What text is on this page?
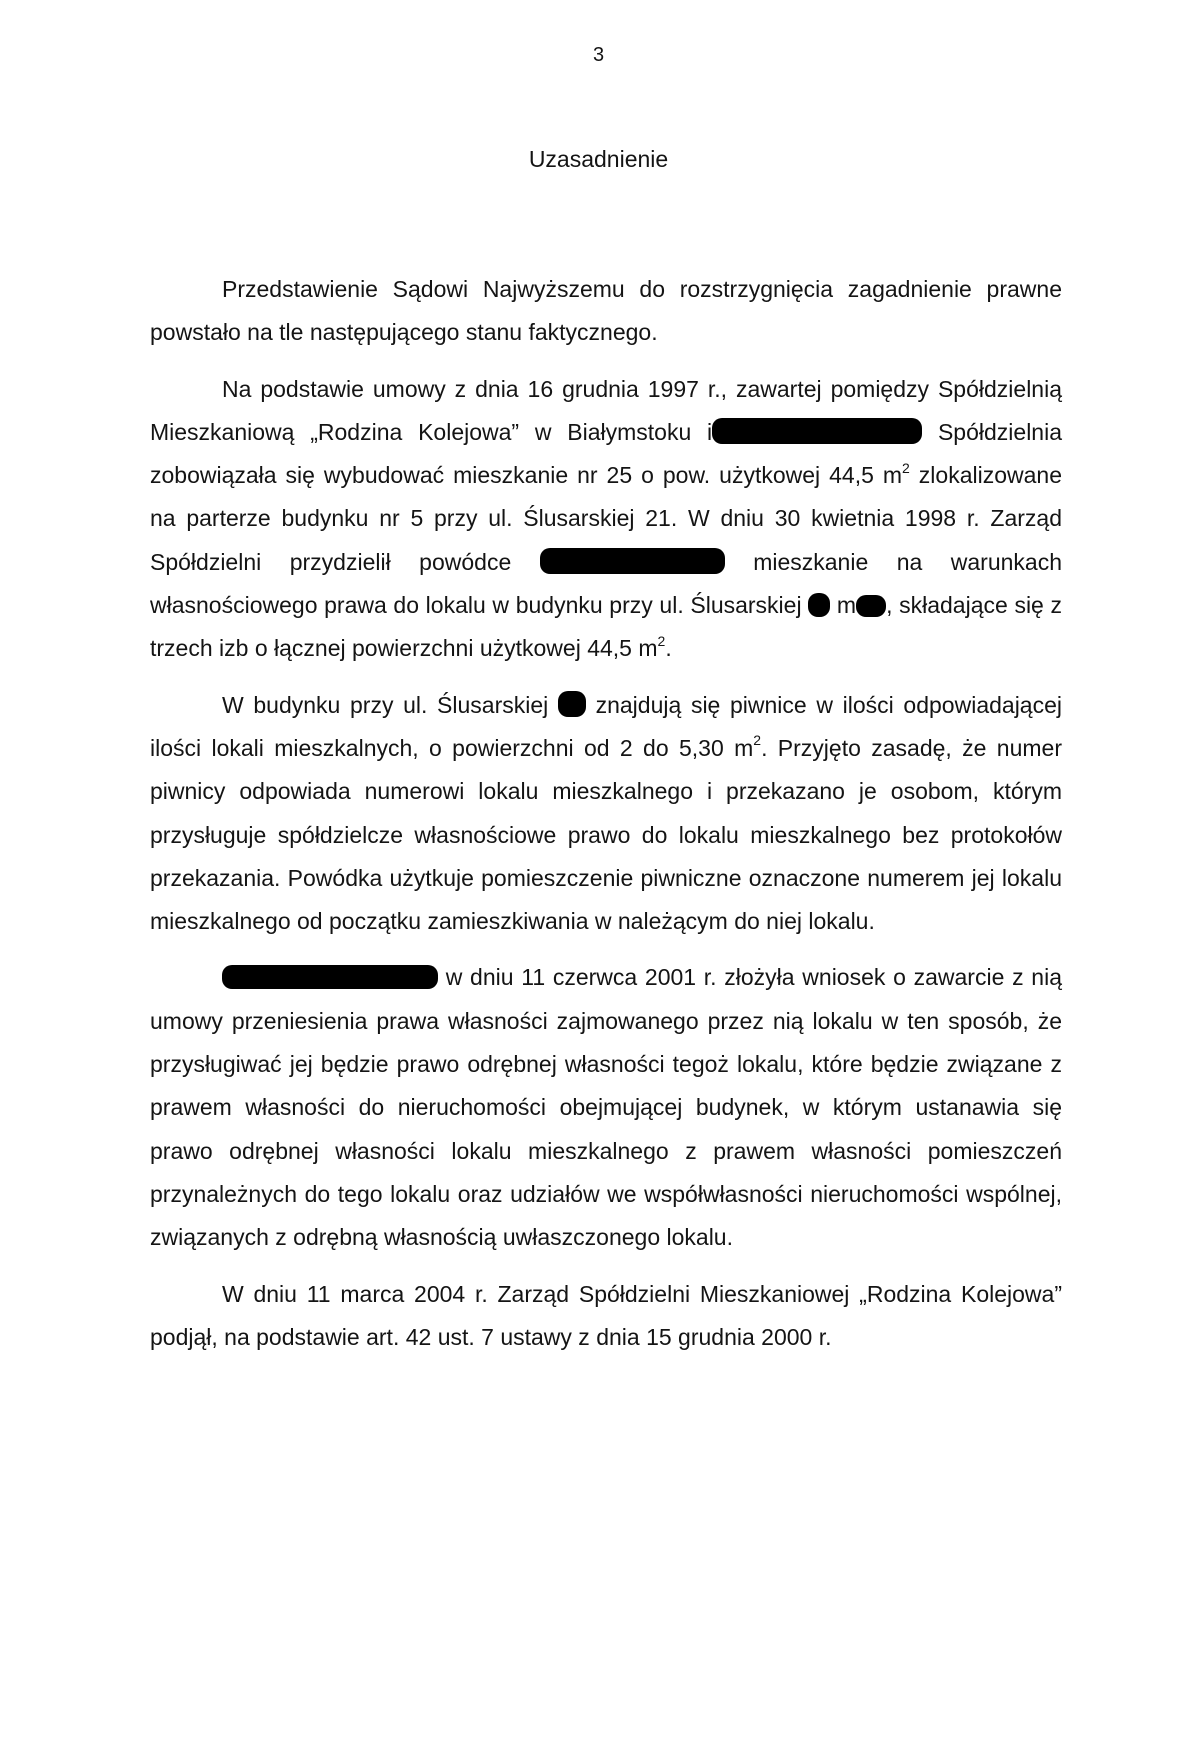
3
Uzasadnienie

Przedstawienie Sądowi Najwyższemu do rozstrzygnięcia zagadnienie prawne powstało na tle następującego stanu faktycznego.

Na podstawie umowy z dnia 16 grudnia 1997 r., zawartej pomiędzy Spółdzielnią Mieszkaniową „Rodzina Kolejowa” w Białymstoku i	Spółdzielnia zobowiązała się wybudować mieszkanie nr 25 o pow. użytkowej 44,5 $m^2$ zlokalizowane na parterze budynku nr 5 przy ul. Ślusarskiej 21. W dniu 30 kwietnia 1998 r. Zarząd Spółdzielni przydzielił powódce	mieszkanie na warunkach własnościowego prawa do lokalu w budynku przy ul. Ślusarskiej  m , składające się z trzech izb o łącznej powierzchni użytkowej 44,5 $m^2$.

W budynku przy ul. Ślusarskiej  znajdują się piwnice w ilości odpowiadającej ilości lokali mieszkalnych, o powierzchni od 2 do 5,30 $m^2$. Przyjęto zasadę, że numer piwnicy odpowiada numerowi lokalu mieszkalnego i przekazano je osobom, którym przysługuje spółdzielcze własnościowe prawo do lokalu mieszkalnego bez protokołów przekazania. Powódka użytkuje pomieszczenie piwniczne oznaczone numerem jej lokalu mieszkalnego od początku zamieszkiwania w należącym do niej lokalu.

w dniu 11 czerwca 2001 r. złożyła wniosek o zawarcie z nią umowy przeniesienia prawa własności zajmowanego przez nią lokalu w ten sposób, że przysługiwać jej będzie prawo odrębnej własności tegoż lokalu, które będzie związane z prawem własności do nieruchomości obejmującej budynek, w którym ustanawia się prawo odrębnej własności lokalu mieszkalnego z prawem własności pomieszczeń przynależnych do tego lokalu oraz udziałów we współwłasności nieruchomości wspólnej, związanych z odrębną własnością uwłaszczonego lokalu.

W dniu 11 marca 2004 r. Zarząd Spółdzielni Mieszkaniowej „Rodzina Kolejowa” podjął, na podstawie art. 42 ust. 7 ustawy z dnia 15 grudnia 2000 r.
